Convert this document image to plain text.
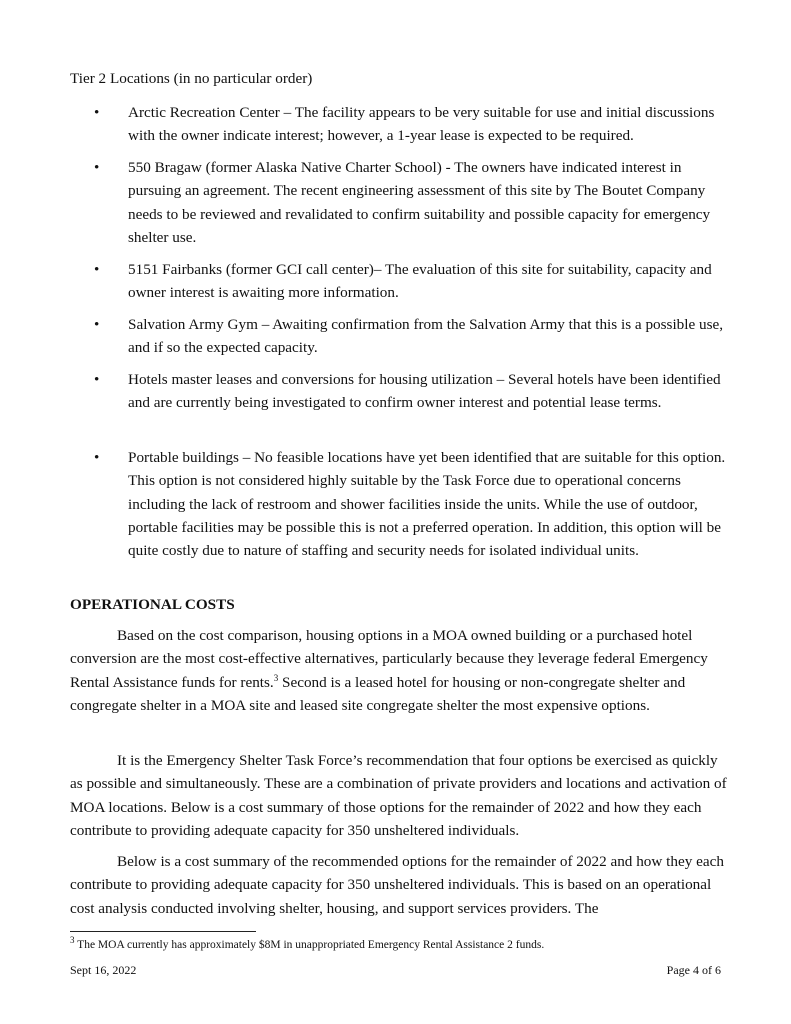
Tier 2 Locations (in no particular order)

• Arctic Recreation Center – The facility appears to be very suitable for use and initial discussions with the owner indicate interest; however, a 1-year lease is expected to be required.
• 550 Bragaw (former Alaska Native Charter School) - The owners have indicated interest in pursuing an agreement. The recent engineering assessment of this site by The Boutet Company needs to be reviewed and revalidated to confirm suitability and possible capacity for emergency shelter use.
• 5151 Fairbanks (former GCI call center)– The evaluation of this site for suitability, capacity and owner interest is awaiting more information.
• Salvation Army Gym – Awaiting confirmation from the Salvation Army that this is a possible use, and if so the expected capacity.
• Hotels master leases and conversions for housing utilization – Several hotels have been identified and are currently being investigated to confirm owner interest and potential lease terms.
• Portable buildings – No feasible locations have yet been identified that are suitable for this option. This option is not considered highly suitable by the Task Force due to operational concerns including the lack of restroom and shower facilities inside the units. While the use of outdoor, portable facilities may be possible this is not a preferred operation. In addition, this option will be quite costly due to nature of staffing and security needs for isolated individual units.

OPERATIONAL COSTS

Based on the cost comparison, housing options in a MOA owned building or a purchased hotel conversion are the most cost-effective alternatives, particularly because they leverage federal Emergency Rental Assistance funds for rents.$^3$ Second is a leased hotel for housing or non-congregate shelter and congregate shelter in a MOA site and leased site congregate shelter the most expensive options.

It is the Emergency Shelter Task Force’s recommendation that four options be exercised as quickly as possible and simultaneously. These are a combination of private providers and locations and activation of MOA locations. Below is a cost summary of those options for the remainder of 2022 and how they each contribute to providing adequate capacity for 350 unsheltered individuals.

Below is a cost summary of the recommended options for the remainder of 2022 and how they each contribute to providing adequate capacity for 350 unsheltered individuals. This is based on an operational cost analysis conducted involving shelter, housing, and support services providers. The

$^3$ The MOA currently has approximately $8M in unappropriated Emergency Rental Assistance 2 funds.

Sept 16, 2022	Page 4 of 6
